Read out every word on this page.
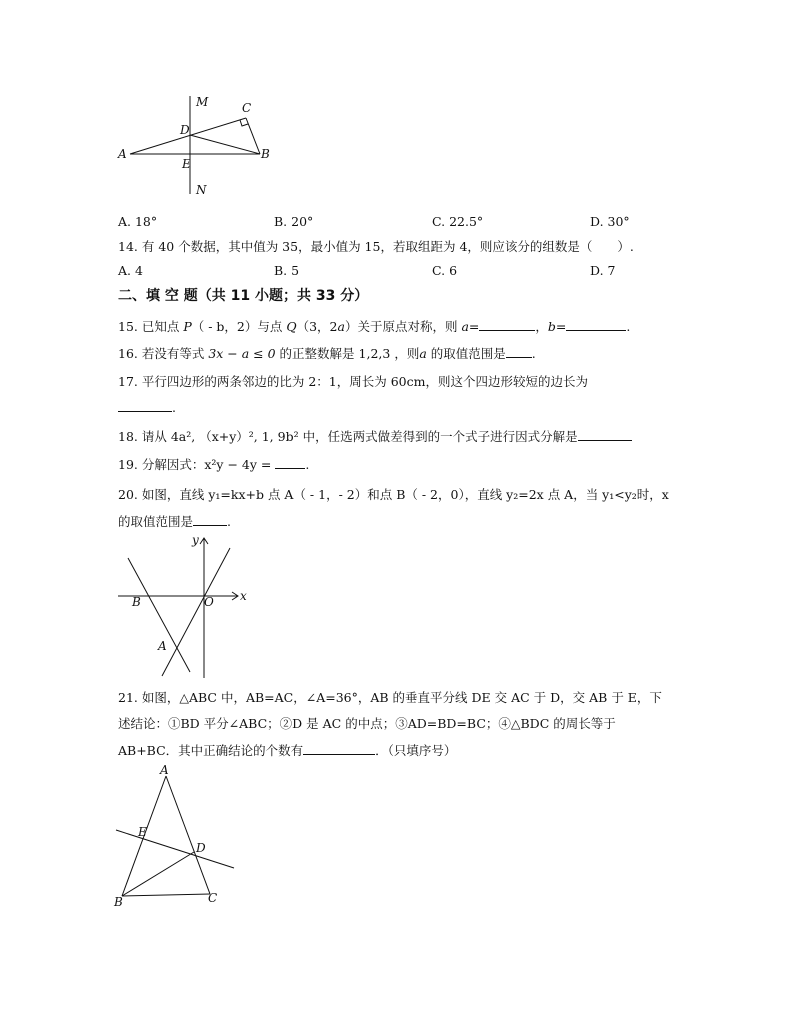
M	C
D
A
E
B
N
A. 18°	B. 20°	C. 22.5°	D. 30°
14. 有 40 个数据，其中值为 35，最小值为 15，若取组距为 4，则应该分的组数是（　　）.
A. 4	B. 5	C. 6	D. 7
二、填 空 题（共 11 小题；共 33 分）
15. 已知点 P（ - b，2）与点 Q（3，2a）关于原点对称，则 a=	，b=	.
16. 若没有等式 3x − a ≤ 0 的正整数解是 1,2,3 ，则a 的取值范围是 .
17. 平行四边形的两条邻边的比为 2：1，周长为 60cm，则这个四边形较短的边长为
.
18. 请从 4a², （x+y）², 1, 9b² 中，任选两式做差得到的一个式子进行因式分解是
19. 分解因式：x²y − 4y =	.
20. 如图，直线 y₁=kx+b 点 A（ - 1，- 2）和点 B（ - 2，0），直线 y₂=2x 点 A，当 y₁<y₂时，x
的取值范围是	.
y
x
B	O
A
21. 如图，△ABC 中，AB=AC，∠A=36°，AB 的垂直平分线 DE 交 AC 于 D，交 AB 于 E，下
述结论：①BD 平分∠ABC；②D 是 AC 的中点；③AD=BD=BC；④△BDC 的周长等于
AB+BC．其中正确结论的个数有	．（只填序号）
A
E
D
B	C
